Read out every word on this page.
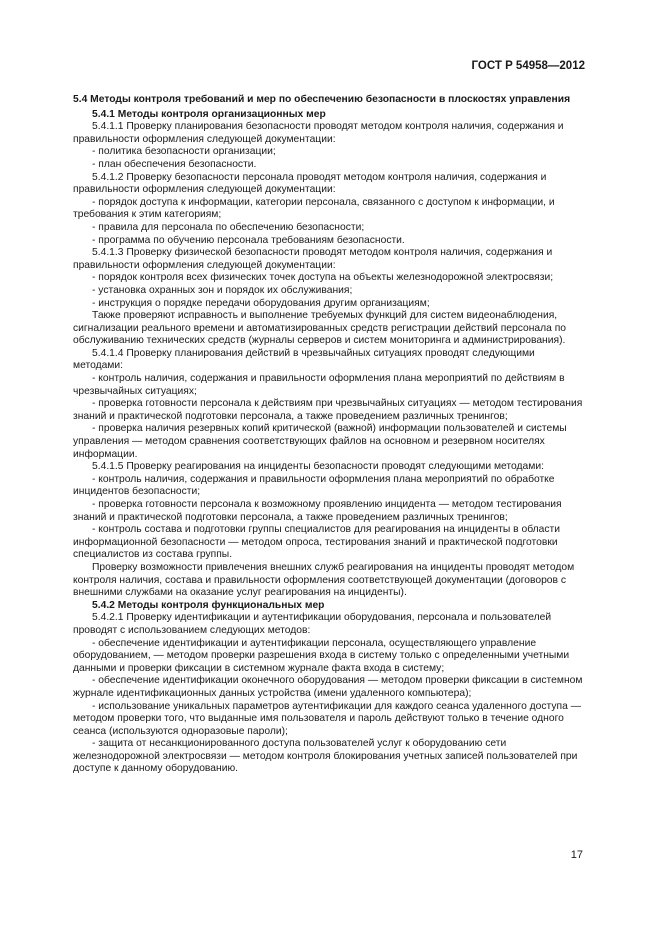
ГОСТ Р 54958—2012

5.4 Методы контроля требований и мер по обеспечению безопасности в плоскостях управления

5.4.1 Методы контроля организационных мер

5.4.1.1 Проверку планирования безопасности проводят методом контроля наличия, содержания и правильности оформления следующей документации:

- политика безопасности организации;

- план обеспечения безопасности.

5.4.1.2 Проверку безопасности персонала проводят методом контроля наличия, содержания и правильности оформления следующей документации:

- порядок доступа к информации, категории персонала, связанного с доступом к информации, и требования к этим категориям;

- правила для персонала по обеспечению безопасности;

- программа по обучению персонала требованиям безопасности.

5.4.1.3 Проверку физической безопасности проводят методом контроля наличия, содержания и правильности оформления следующей документации:

- порядок контроля всех физических точек доступа на объекты железнодорожной электросвязи;

- установка охранных зон и порядок их обслуживания;

- инструкция о порядке передачи оборудования другим организациям;

Также проверяют исправность и выполнение требуемых функций для систем видеонаблюдения, сигнализации реального времени и автоматизированных средств регистрации действий персонала по обслуживанию технических средств (журналы серверов и систем мониторинга и администрирования).

5.4.1.4 Проверку планирования действий в чрезвычайных ситуациях проводят следующими методами:

- контроль наличия, содержания и правильности оформления плана мероприятий по действиям в чрезвычайных ситуациях;

- проверка готовности персонала к действиям при чрезвычайных ситуациях — методом тестирования знаний и практической подготовки персонала, а также проведением различных тренингов;

- проверка наличия резервных копий критической (важной) информации пользователей и системы управления — методом сравнения соответствующих файлов на основном и резервном носителях информации.

5.4.1.5 Проверку реагирования на инциденты безопасности проводят следующими методами:

- контроль наличия, содержания и правильности оформления плана мероприятий по обработке инцидентов безопасности;

- проверка готовности персонала к возможному проявлению инцидента — методом тестирования знаний и практической подготовки персонала, а также проведением различных тренингов;

- контроль состава и подготовки группы специалистов для реагирования на инциденты в области информационной безопасности — методом опроса, тестирования знаний и практической подготовки специалистов из состава группы.

Проверку возможности привлечения внешних служб реагирования на инциденты проводят методом контроля наличия, состава и правильности оформления соответствующей документации (договоров с внешними службами на оказание услуг реагирования на инциденты).

5.4.2 Методы контроля функциональных мер

5.4.2.1 Проверку идентификации и аутентификации оборудования, персонала и пользователей проводят с использованием следующих методов:

- обеспечение идентификации и аутентификации персонала, осуществляющего управление оборудованием, — методом проверки разрешения входа в систему только с определенными учетными данными и проверки фиксации в системном журнале факта входа в систему;

- обеспечение идентификации оконечного оборудования — методом проверки фиксации в системном журнале идентификационных данных устройства (имени удаленного компьютера);

- использование уникальных параметров аутентификации для каждого сеанса удаленного доступа — методом проверки того, что выданные имя пользователя и пароль действуют только в течение одного сеанса (используются одноразовые пароли);

- защита от несанкционированного доступа пользователей услуг к оборудованию сети железнодорожной электросвязи — методом контроля блокирования учетных записей пользователей при доступе к данному оборудованию.

17
